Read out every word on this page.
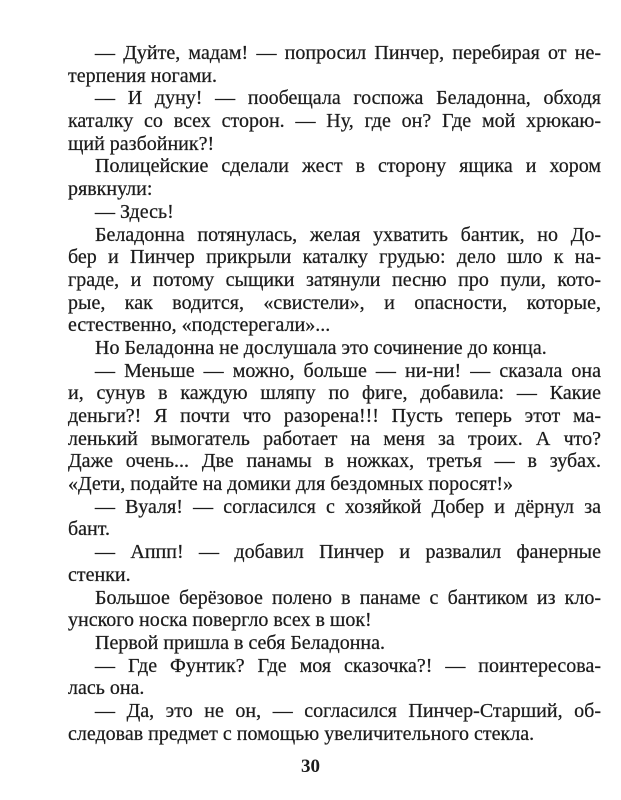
— Дуйте, мадам! — попросил Пинчер, перебирая от не-
терпения ногами.
— И дуну! — пообещала госпожа Беладонна, обходя
каталку со всех сторон. — Ну, где он? Где мой хрюкаю-
щий разбойник?!
Полицейские сделали жест в сторону ящика и хором
рявкнули:
— Здесь!
Беладонна потянулась, желая ухватить бантик, но До-
бер и Пинчер прикрыли каталку грудью: дело шло к на-
граде, и потому сыщики затянули песню про пули, кото-
рые, как водится, «свистели», и опасности, которые,
естественно, «подстерегали»...
Но Беладонна не дослушала это сочинение до конца.
— Меньше — можно, больше — ни-ни! — сказала она
и, сунув в каждую шляпу по фиге, добавила: — Какие
деньги?! Я почти что разорена!!! Пусть теперь этот ма-
ленький вымогатель работает на меня за троих. А что?
Даже очень... Две панамы в ножках, третья — в зубах.
«Дети, подайте на домики для бездомных поросят!»
— Вуаля! — согласился с хозяйкой Добер и дёрнул за
бант.
— Аппп! — добавил Пинчер и развалил фанерные
стенки.
Большое берёзовое полено в панаме с бантиком из кло-
унского носка повергло всех в шок!
Первой пришла в себя Беладонна.
— Где Фунтик? Где моя сказочка?! — поинтересова-
лась она.
— Да, это не он, — согласился Пинчер-Старший, об-
следовав предмет с помощью увеличительного стекла.
30
